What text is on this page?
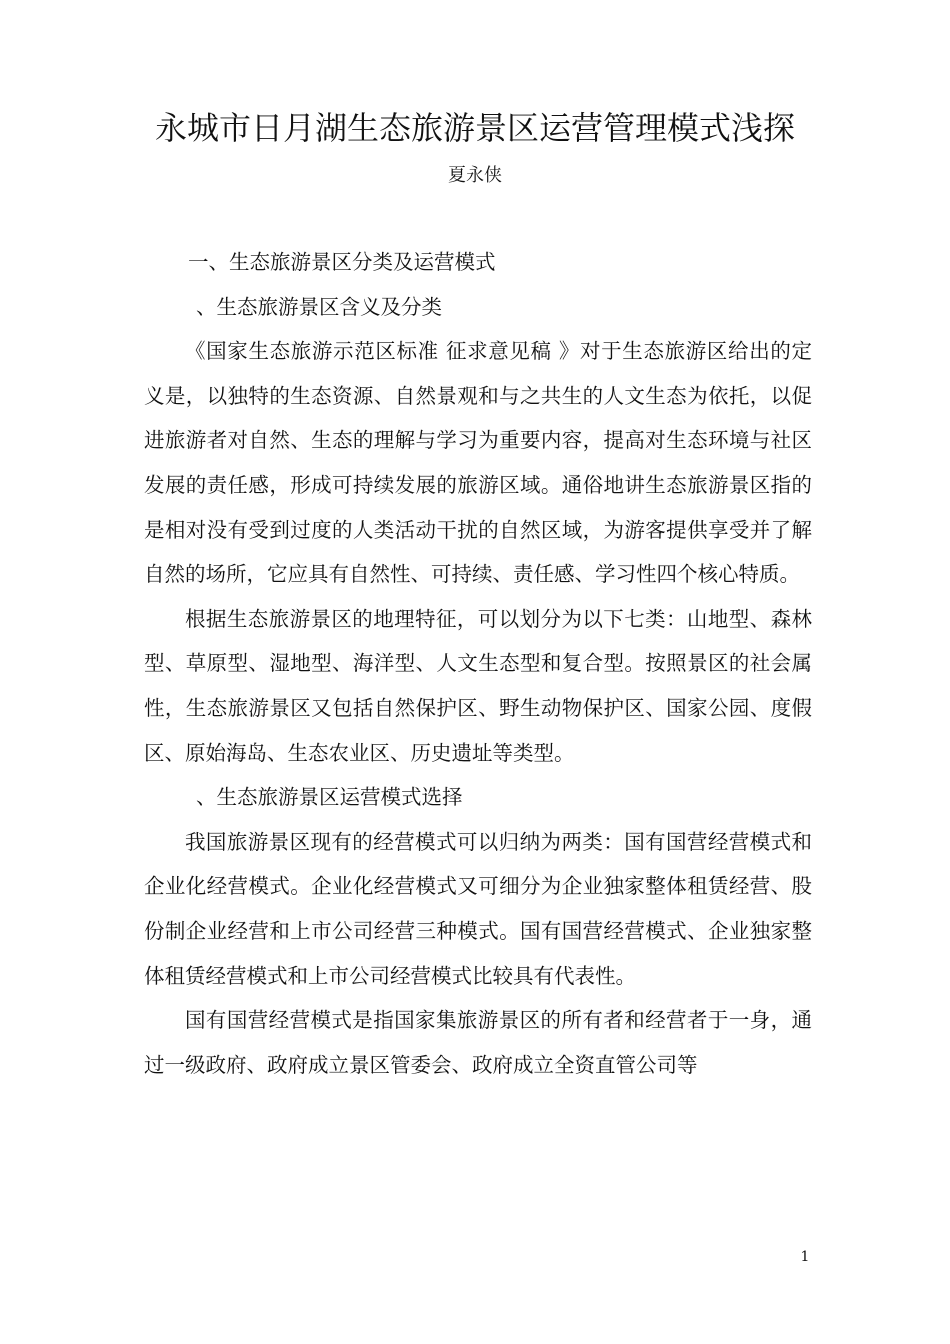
永城市日月湖生态旅游景区运营管理模式浅探
夏永侠

一、生态旅游景区分类及运营模式

、生态旅游景区含义及分类

《国家生态旅游示范区标准 征求意见稿 》对于生态旅游区给出的定义是，以独特的生态资源、自然景观和与之共生的人文生态为依托，以促进旅游者对自然、生态的理解与学习为重要内容，提高对生态环境与社区发展的责任感，形成可持续发展的旅游区域。通俗地讲生态旅游景区指的是相对没有受到过度的人类活动干扰的自然区域，为游客提供享受并了解自然的场所，它应具有自然性、可持续、责任感、学习性四个核心特质。

根据生态旅游景区的地理特征，可以划分为以下七类：山地型、森林型、草原型、湿地型、海洋型、人文生态型和复合型。按照景区的社会属性，生态旅游景区又包括自然保护区、野生动物保护区、国家公园、度假区、原始海岛、生态农业区、历史遗址等类型。

、生态旅游景区运营模式选择

我国旅游景区现有的经营模式可以归纳为两类：国有国营经营模式和企业化经营模式。企业化经营模式又可细分为企业独家整体租赁经营、股份制企业经营和上市公司经营三种模式。国有国营经营模式、企业独家整体租赁经营模式和上市公司经营模式比较具有代表性。

国有国营经营模式是指国家集旅游景区的所有者和经营者于一身，通过一级政府、政府成立景区管委会、政府成立全资直管公司等

1
